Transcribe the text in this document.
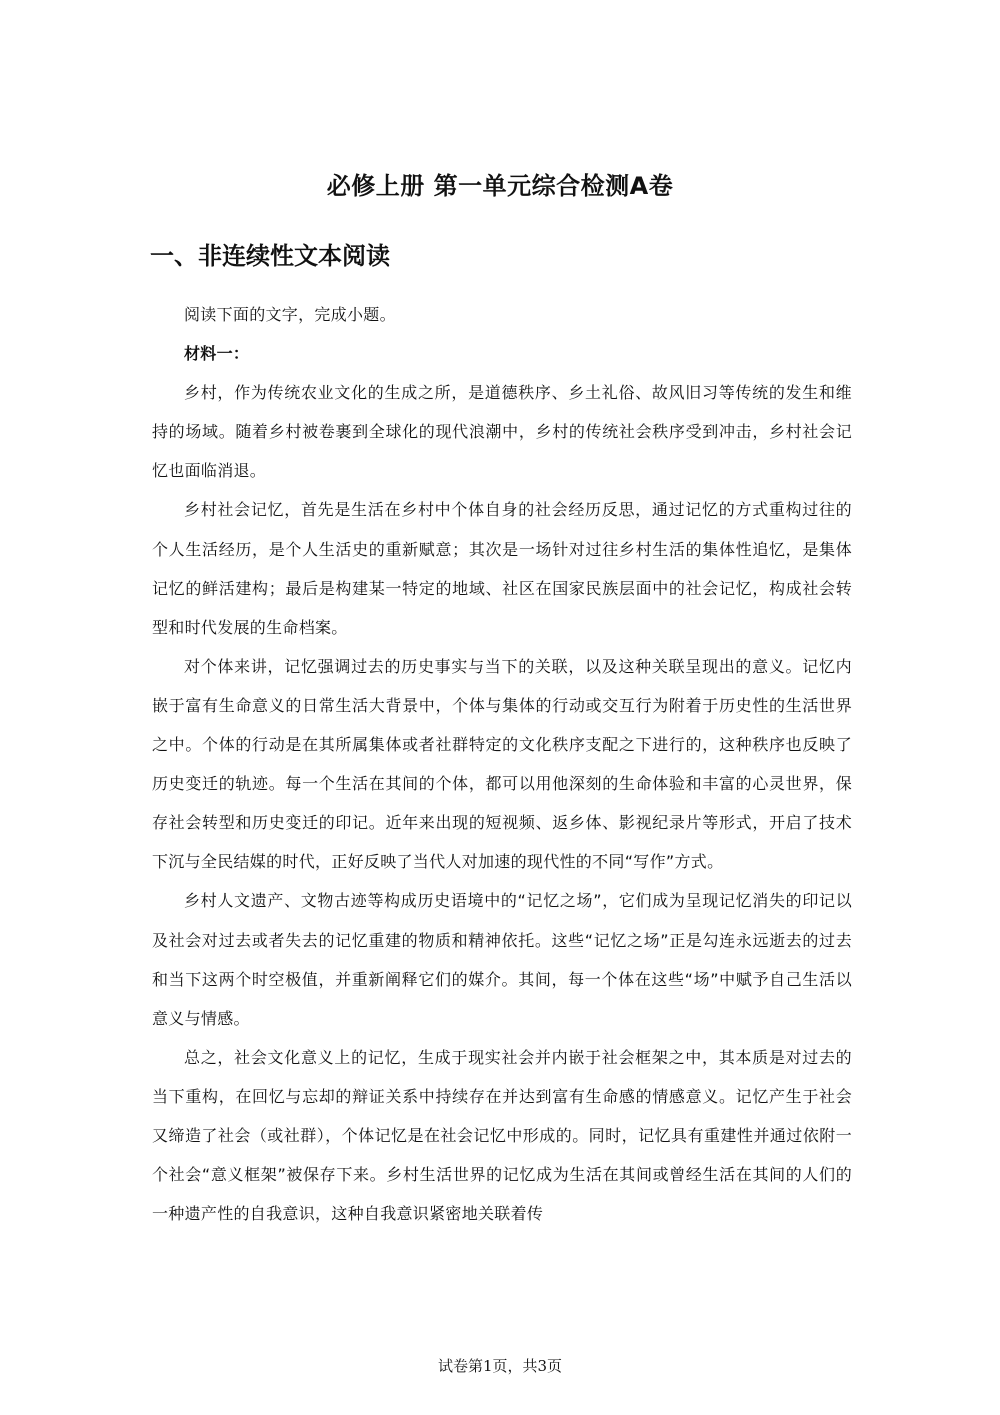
必修上册 第一单元综合检测A卷
一、非连续性文本阅读

阅读下面的文字，完成小题。

材料一：

乡村，作为传统农业文化的生成之所，是道德秩序、乡土礼俗、故风旧习等传统的发生和维持的场域。随着乡村被卷裹到全球化的现代浪潮中，乡村的传统社会秩序受到冲击，乡村社会记忆也面临消退。

乡村社会记忆，首先是生活在乡村中个体自身的社会经历反思，通过记忆的方式重构过往的个人生活经历，是个人生活史的重新赋意；其次是一场针对过往乡村生活的集体性追忆，是集体记忆的鲜活建构；最后是构建某一特定的地域、社区在国家民族层面中的社会记忆，构成社会转型和时代发展的生命档案。

对个体来讲，记忆强调过去的历史事实与当下的关联，以及这种关联呈现出的意义。记忆内嵌于富有生命意义的日常生活大背景中，个体与集体的行动或交互行为附着于历史性的生活世界之中。个体的行动是在其所属集体或者社群特定的文化秩序支配之下进行的，这种秩序也反映了历史变迁的轨迹。每一个生活在其间的个体，都可以用他深刻的生命体验和丰富的心灵世界，保存社会转型和历史变迁的印记。近年来出现的短视频、返乡体、影视纪录片等形式，开启了技术下沉与全民结媒的时代，正好反映了当代人对加速的现代性的不同“写作”方式。

乡村人文遗产、文物古迹等构成历史语境中的“记忆之场”，它们成为呈现记忆消失的印记以及社会对过去或者失去的记忆重建的物质和精神依托。这些“记忆之场”正是勾连永远逝去的过去和当下这两个时空极值，并重新阐释它们的媒介。其间，每一个体在这些“场”中赋予自己生活以意义与情感。

总之，社会文化意义上的记忆，生成于现实社会并内嵌于社会框架之中，其本质是对过去的当下重构，在回忆与忘却的辩证关系中持续存在并达到富有生命感的情感意义。记忆产生于社会又缔造了社会（或社群），个体记忆是在社会记忆中形成的。同时，记忆具有重建性并通过依附一个社会“意义框架”被保存下来。乡村生活世界的记忆成为生活在其间或曾经生活在其间的人们的一种遗产性的自我意识，这种自我意识紧密地关联着传

试卷第1页，共3页
